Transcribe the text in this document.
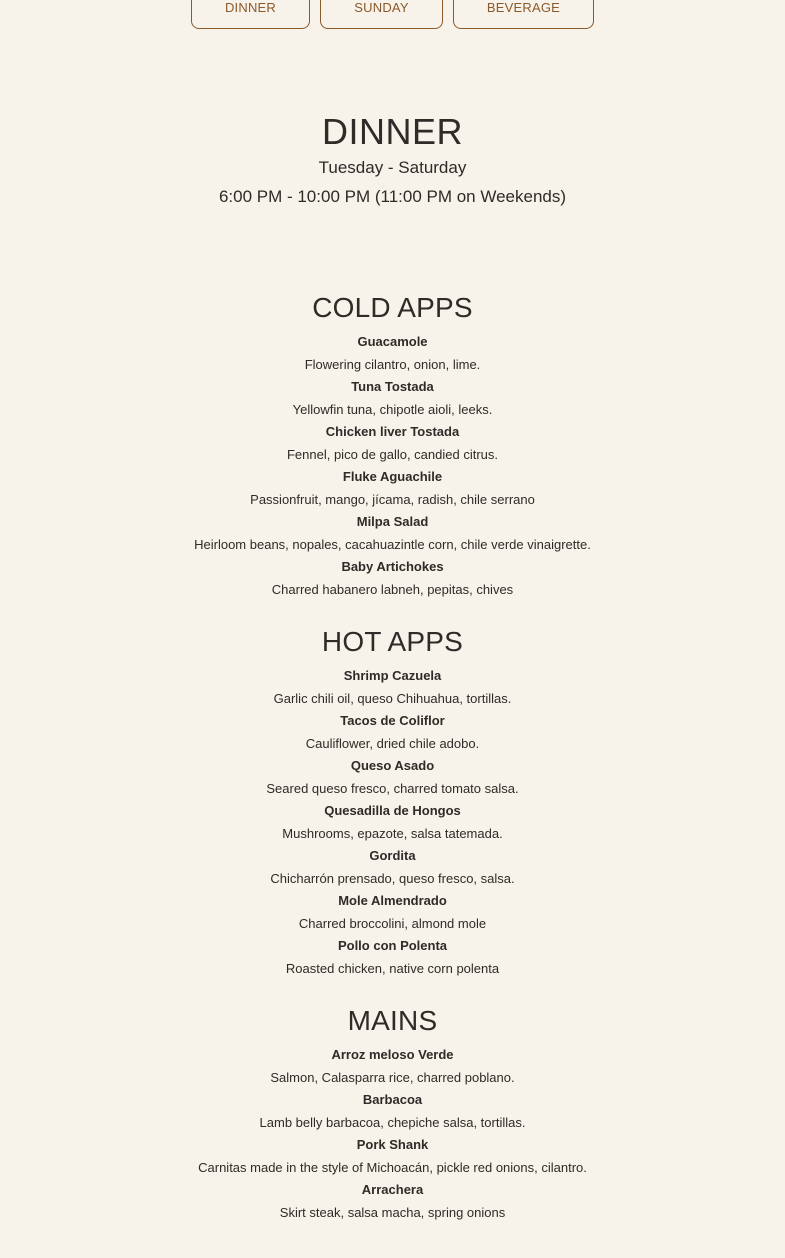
DINNER	SUNDAY	BEVERAGE
DINNER

Tuesday - Saturday

6:00 PM - 10:00 PM (11:00 PM on Weekends)

COLD APPS

Guacamole

Flowering cilantro, onion, lime.

Tuna Tostada

Yellowfin tuna, chipotle aioli, leeks.

Chicken liver Tostada

Fennel, pico de gallo, candied citrus.

Fluke Aguachile

Passionfruit, mango, jícama, radish, chile serrano

Milpa Salad

Heirloom beans, nopales, cacahuazintle corn, chile verde vinaigrette.

Baby Artichokes

Charred habanero labneh, pepitas, chives

HOT APPS

Shrimp Cazuela

Garlic chili oil, queso Chihuahua, tortillas.

Tacos de Coliflor

Cauliflower, dried chile adobo.

Queso Asado

Seared queso fresco, charred tomato salsa.

Quesadilla de Hongos

Mushrooms, epazote, salsa tatemada.

Gordita

Chicharrón prensado, queso fresco, salsa.

Mole Almendrado

Charred broccolini, almond mole

Pollo con Polenta

Roasted chicken, native corn polenta

MAINS

Arroz meloso Verde

Salmon, Calasparra rice, charred poblano.

Barbacoa

Lamb belly barbacoa, chepiche salsa, tortillas.

Pork Shank

Carnitas made in the style of Michoacán, pickle red onions, cilantro.

Arrachera

Skirt steak, salsa macha, spring onions
